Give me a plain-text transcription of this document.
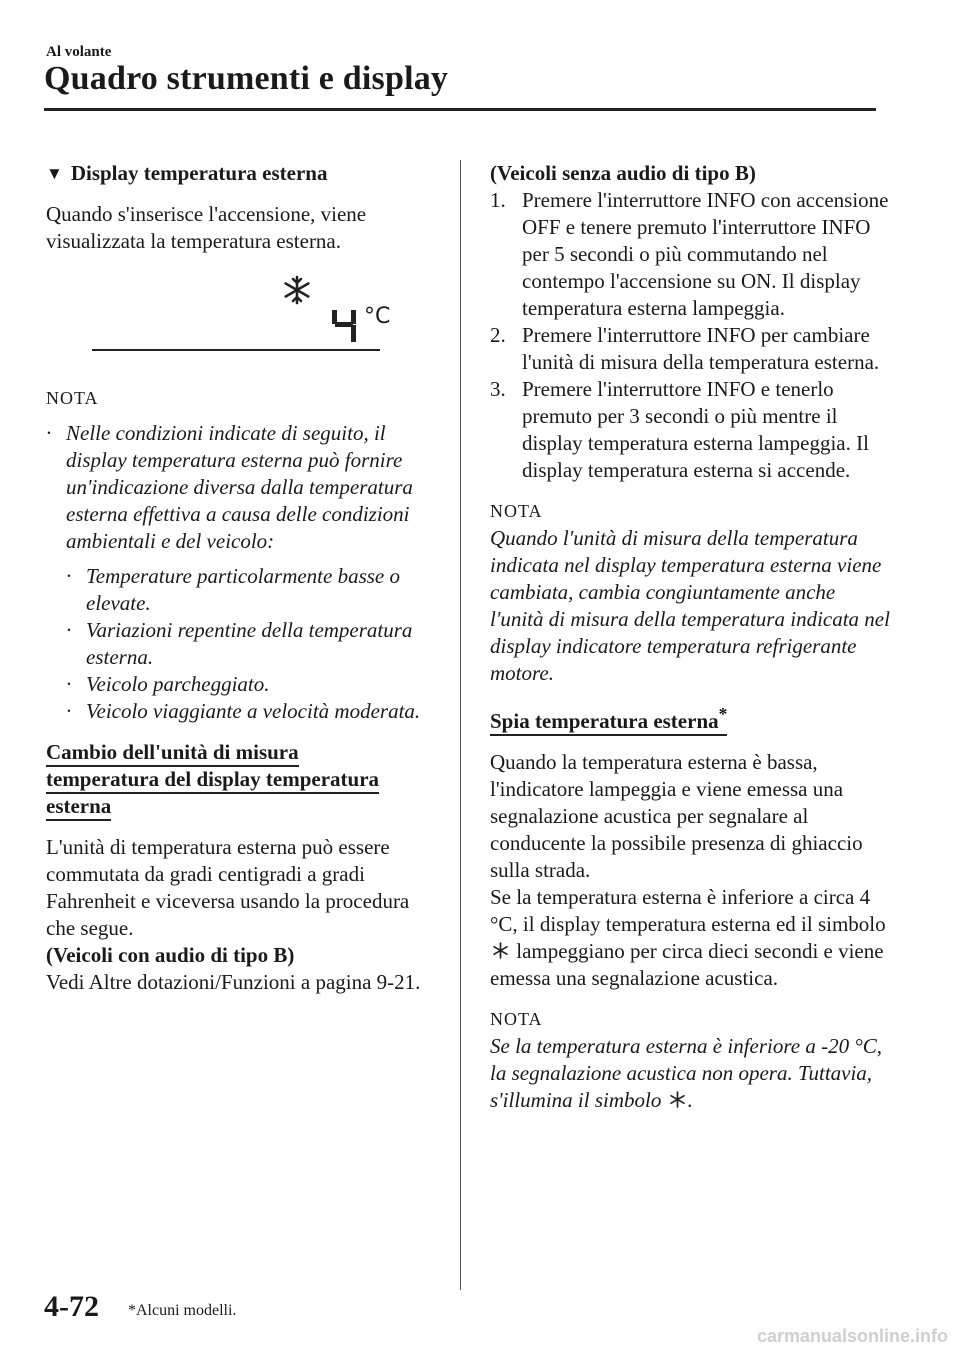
Al volante
Quadro strumenti e display
▼ Display temperatura esterna

Quando s'inserisce l'accensione, viene visualizzata la temperatura esterna.

°C

NOTA

· Nelle condizioni indicate di seguito, il display temperatura esterna può fornire un'indicazione diversa dalla temperatura esterna effettiva a causa delle condizioni ambientali e del veicolo:
· Temperature particolarmente basse o elevate.
· Variazioni repentine della temperatura esterna.
· Veicolo parcheggiato.
· Veicolo viaggiante a velocità moderata.
Cambio dell'unità di misura
temperatura del display temperatura
esterna

L'unità di temperatura esterna può essere commutata da gradi centigradi a gradi Fahrenheit e viceversa usando la procedura che segue.

(Veicoli con audio di tipo B)

Vedi Altre dotazioni/Funzioni a pagina 9-21.

(Veicoli senza audio di tipo B)

1. Premere l'interruttore INFO con accensione OFF e tenere premuto l'interruttore INFO per 5 secondi o più commutando nel contempo l'accensione su ON. Il display temperatura esterna lampeggia.
2. Premere l'interruttore INFO per cambiare l'unità di misura della temperatura esterna.
3. Premere l'interruttore INFO e tenerlo premuto per 3 secondi o più mentre il display temperatura esterna lampeggia. Il display temperatura esterna si accende.

NOTA

Quando l'unità di misura della temperatura indicata nel display temperatura esterna viene cambiata, cambia congiuntamente anche l'unità di misura della temperatura indicata nel display indicatore temperatura refrigerante motore.

Spia temperatura esterna*

Quando la temperatura esterna è bassa, l'indicatore lampeggia e viene emessa una segnalazione acustica per segnalare al conducente la possibile presenza di ghiaccio sulla strada.

Se la temperatura esterna è inferiore a circa 4 °C, il display temperatura esterna ed il simbolo  lampeggiano per circa dieci secondi e viene emessa una segnalazione acustica.

NOTA

Se la temperatura esterna è inferiore a -20 °C, la segnalazione acustica non opera. Tuttavia, s'illumina il simbolo .

4-72 *Alcuni modelli.
carmanualsonline.info
